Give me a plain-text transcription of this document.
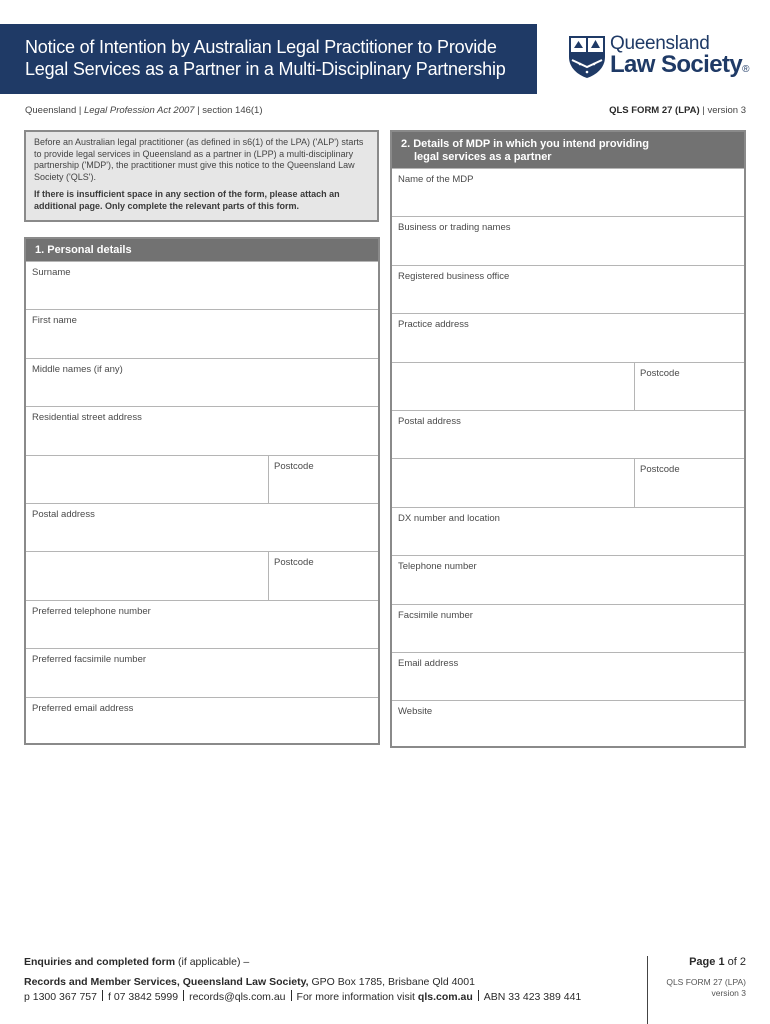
Notice of Intention by Australian Legal Practitioner to Provide
Legal Services as a Partner in a Multi-Disciplinary Partnership
Queensland
Law Society®
Queensland | Legal Profession Act 2007 | section 146(1)	QLS FORM 27 (LPA) | version 3

Before an Australian legal practitioner (as defined in s6(1) of the LPA) ('ALP') starts to provide legal services in Queensland as a partner in (LPP) a multi-disciplinary partnership ('MDP'), the practitioner must give this notice to the Queensland Law Society ('QLS').

If there is insufficient space in any section of the form, please attach an additional page. Only complete the relevant parts of this form.

1. Personal details
Surname
First name
Middle names (if any)
Residential street address
Postcode
Postal address
Postcode
Preferred telephone number
Preferred facsimile number
Preferred email address
2. Details of MDP in which you intend providing
legal services as a partner
Name of the MDP
Business or trading names
Registered business office
Practice address
Postcode
Postal address
Postcode
DX number and location
Telephone number
Facsimile number
Email address
Website
Enquiries and completed form (if applicable) –
Records and Member Services, Queensland Law Society, GPO Box 1785, Brisbane Qld 4001
p 1300 367 757 f 07 3842 5999 records@qls.com.au For more information visit qls.com.au ABN 33 423 389 441
Page 1 of 2
QLS FORM 27 (LPA)
version 3
